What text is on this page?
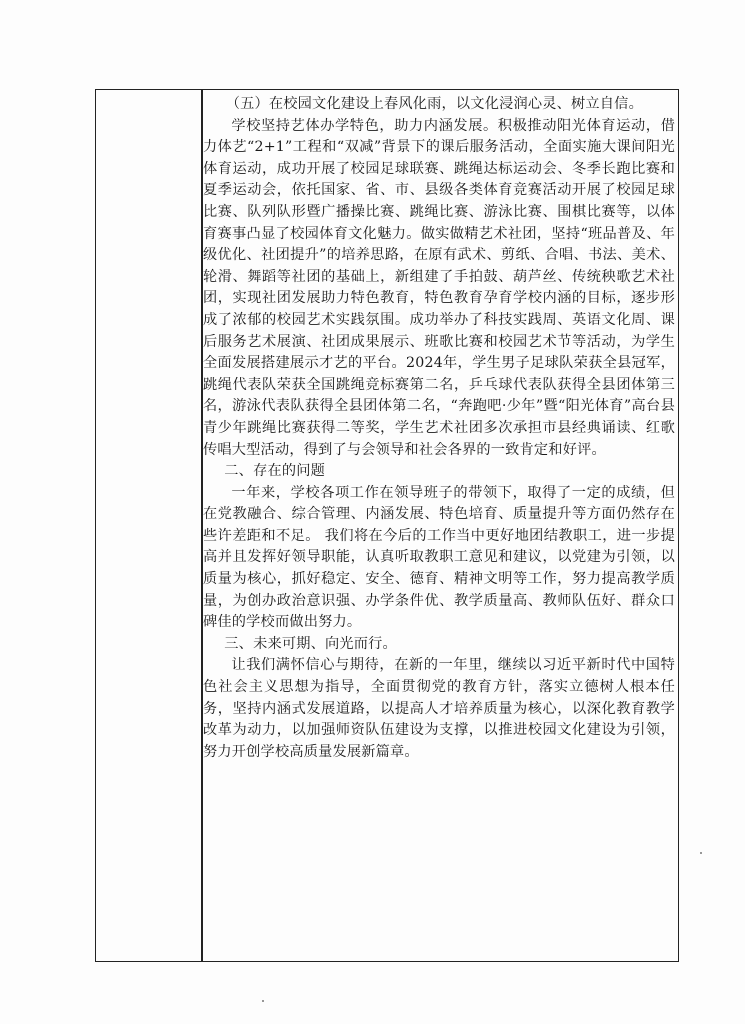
（五）在校园文化建设上春风化雨，以文化浸润心灵、树立自信。

学校坚持艺体办学特色，助力内涵发展。积极推动阳光体育运动，借力体艺“2+1”工程和“双减”背景下的课后服务活动，全面实施大课间阳光体育运动，成功开展了校园足球联赛、跳绳达标运动会、冬季长跑比赛和夏季运动会，依托国家、省、市、县级各类体育竞赛活动开展了校园足球比赛、队列队形暨广播操比赛、跳绳比赛、游泳比赛、围棋比赛等，以体育赛事凸显了校园体育文化魅力。做实做精艺术社团，坚持“班品普及、年级优化、社团提升”的培养思路，在原有武术、剪纸、合唱、书法、美术、轮滑、舞蹈等社团的基础上，新组建了手拍鼓、葫芦丝、传统秧歌艺术社团，实现社团发展助力特色教育，特色教育孕育学校内涵的目标，逐步形成了浓郁的校园艺术实践氛围。成功举办了科技实践周、英语文化周、课后服务艺术展演、社团成果展示、班歌比赛和校园艺术节等活动，为学生全面发展搭建展示才艺的平台。2024年，学生男子足球队荣获全县冠军，跳绳代表队荣获全国跳绳竞标赛第二名，乒乓球代表队获得全县团体第三名，游泳代表队获得全县团体第二名，“奔跑吧·少年”暨“阳光体育”高台县青少年跳绳比赛获得二等奖，学生艺术社团多次承担市县经典诵读、红歌传唱大型活动，得到了与会领导和社会各界的一致肯定和好评。

二、存在的问题

一年来，学校各项工作在领导班子的带领下，取得了一定的成绩，但在党教融合、综合管理、内涵发展、特色培育、质量提升等方面仍然存在些许差距和不足。 我们将在今后的工作当中更好地团结教职工，进一步提高并且发挥好领导职能，认真听取教职工意见和建议，以党建为引领，以质量为核心，抓好稳定、安全、德育、精神文明等工作，努力提高教学质量，为创办政治意识强、办学条件优、教学质量高、教师队伍好、群众口碑佳的学校而做出努力。

三、未来可期、向光而行。

让我们满怀信心与期待，在新的一年里，继续以习近平新时代中国特色社会主义思想为指导，全面贯彻党的教育方针，落实立德树人根本任务，坚持内涵式发展道路，以提高人才培养质量为核心，以深化教育教学改革为动力，以加强师资队伍建设为支撑，以推进校园文化建设为引领，努力开创学校高质量发展新篇章。
